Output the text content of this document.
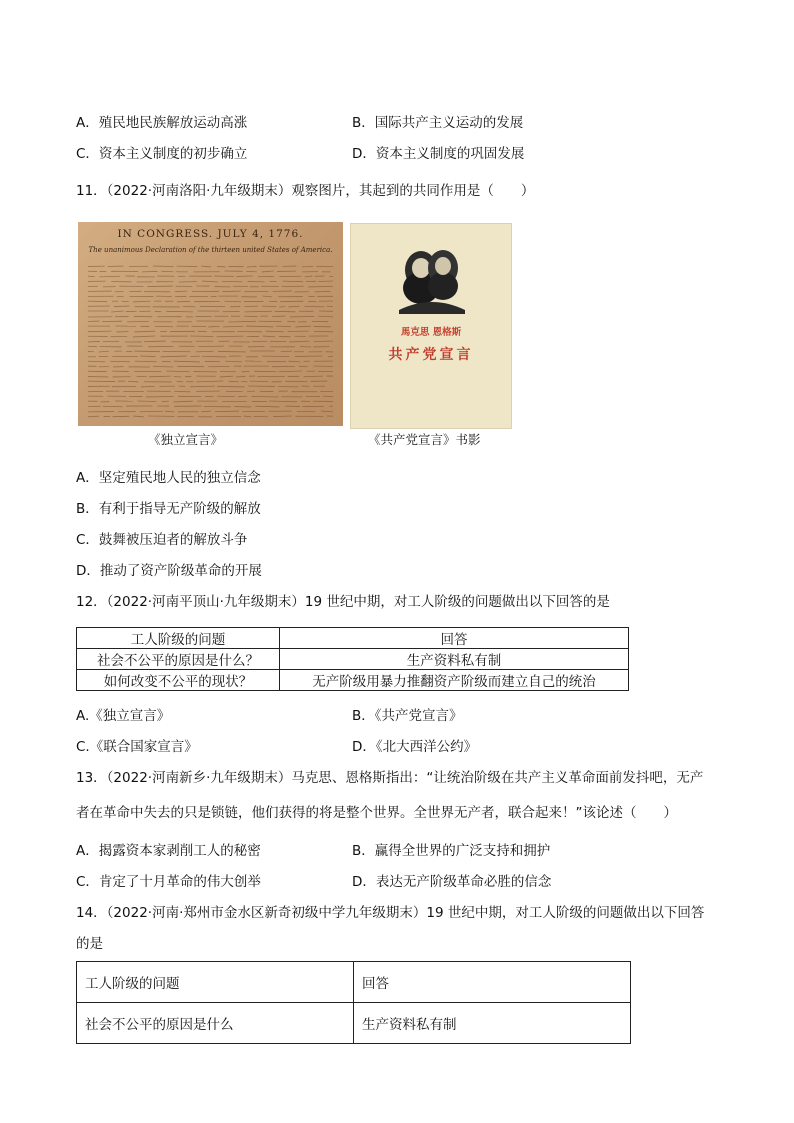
A．殖民地民族解放运动高涨	B．国际共产主义运动的发展
C．资本主义制度的初步确立	D．资本主义制度的巩固发展
11．（2022·河南洛阳·九年级期末）观察图片，其起到的共同作用是（　　）
IN CONGRESS. JULY 4, 1776.
The unanimous Declaration of the thirteen united States of America.
《独立宣言》
馬克思 恩格斯
共产党宣言
《共产党宣言》书影
A．坚定殖民地人民的独立信念
B．有利于指导无产阶级的解放
C．鼓舞被压迫者的解放斗争
D．推动了资产阶级革命的开展
12．（2022·河南平顶山·九年级期末）19 世纪中期，对工人阶级的问题做出以下回答的是
工人阶级的问题	回答
社会不公平的原因是什么？	生产资料私有制
如何改变不公平的现状？	无产阶级用暴力推翻资产阶级而建立自己的统治
A.《独立宣言》	B．《共产党宣言》
C.《联合国家宣言》	D．《北大西洋公约》
13．（2022·河南新乡·九年级期末）马克思、恩格斯指出：“让统治阶级在共产主义革命面前发抖吧，无产
者在革命中失去的只是锁链，他们获得的将是整个世界。全世界无产者，联合起来！”该论述（　　）
A．揭露资本家剥削工人的秘密	B．赢得全世界的广泛支持和拥护
C．肯定了十月革命的伟大创举	D．表达无产阶级革命必胜的信念
14．（2022·河南·郑州市金水区新奇初级中学九年级期末）19 世纪中期，对工人阶级的问题做出以下回答
的是
工人阶级的问题	回答
社会不公平的原因是什么	生产资料私有制
